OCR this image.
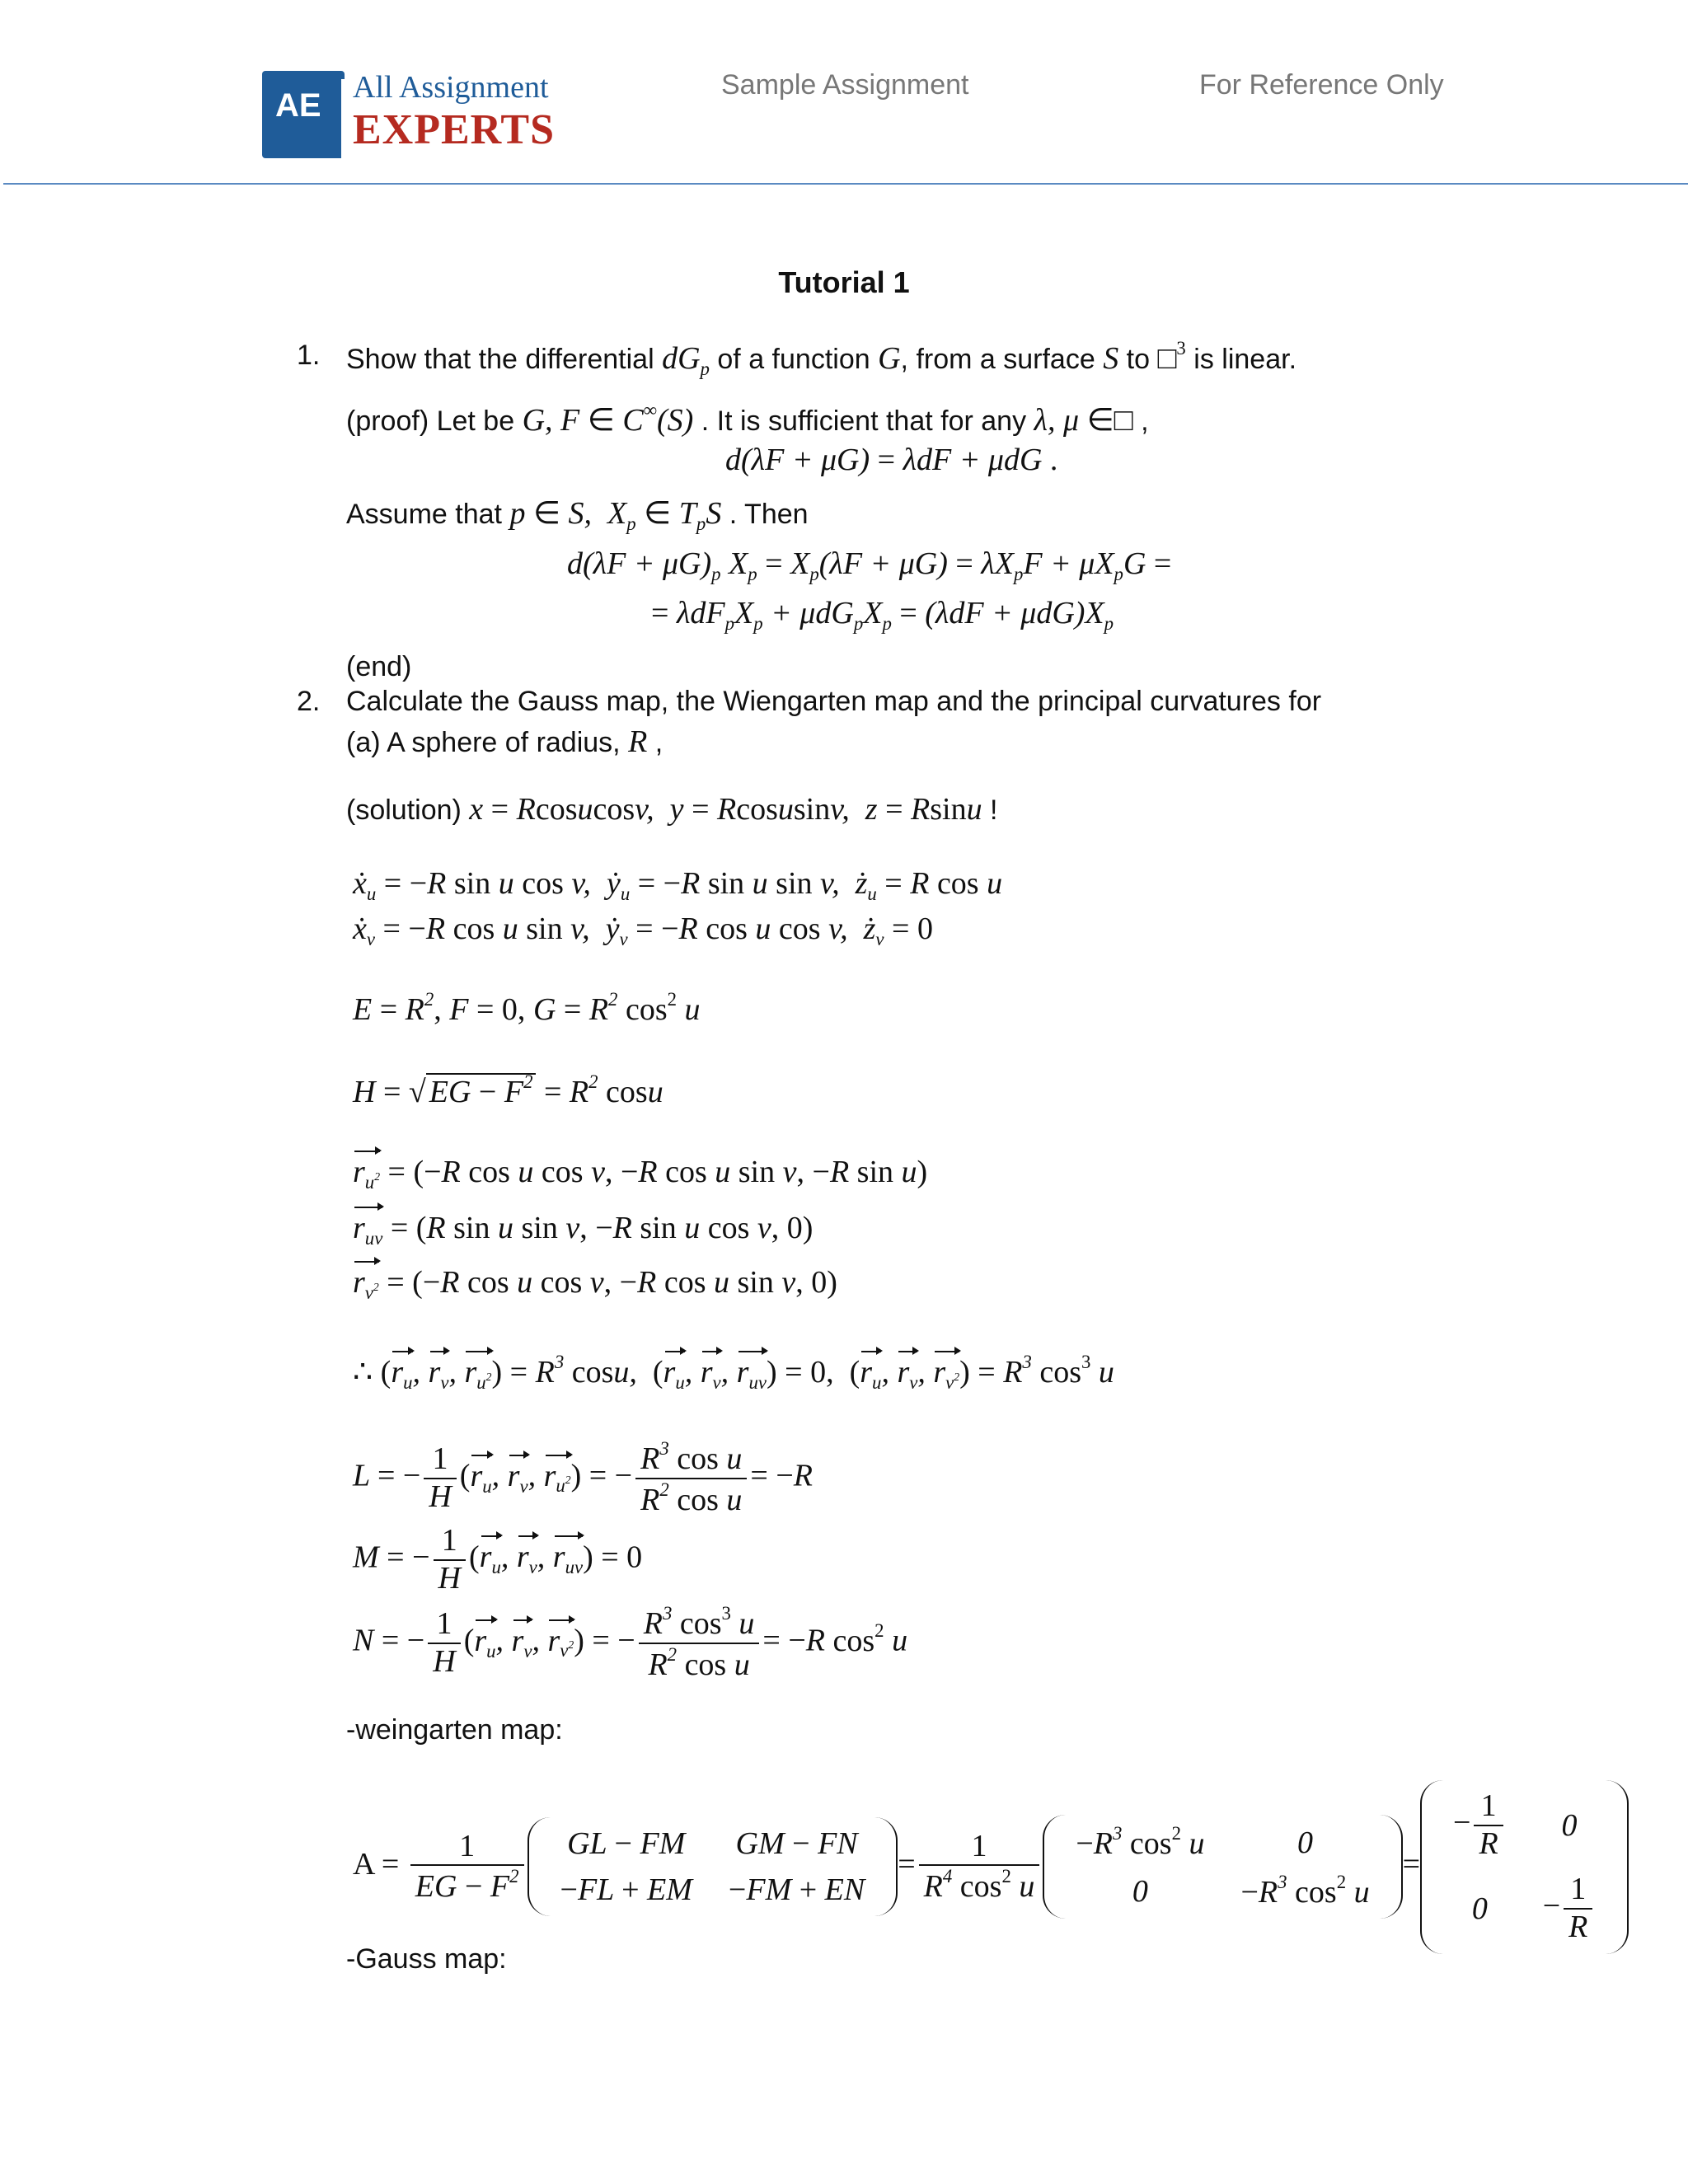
AE All Assignment
EXPERTS
Sample Assignment	For Reference Only
Tutorial 1
1. Show that the differential $dG_p$ of a function G, from a surface S to □$^3$ is linear.
(proof) Let be G, F ∈ C∞(S) . It is sufficient that for any λ, μ ∈□ ,
d(λF + μG) = λdF + μdG .
Assume that p ∈ S,  $X_p$ ∈ $T_pS$ . Then
$d(\lambda F + \mu G)_p$ $X_p = X_p(\lambda F + \mu G) = \lambda X_pF + \mu X_pG$ =
= $\lambda dF_pX_p + \mu dG_pX_p = (\lambda dF + \mu dG)X_p$
(end)
2. Calculate the Gauss map, the Wiengarten map and the principal curvatures for
(a) A sphere of radius, R ,
(solution) x = Rcosucosv,  y = Rcosusinv,  z = Rsinu !
$ẋ_u = -R$ sin u cos v,  $ẏ_u = -R$ sin u sin v,  $ż_u = R$ cos u
$ẋ_v = -R$ cos u sin v,  $ẏ_v = -R$ cos u cos v,  $ż_v = 0$
$E = R^2$, F = 0, $G = R^2$ $\cos^2 u$
H = √ EG − $F^2 = R^2$ cosu
$r_{u^2} = (-R$ cos u cos v, −R cos u sin v, −R sin u)
$r_{uv} = (R$ sin u sin v, −R sin u cos v, 0)
$r_{v^2} = (-R$ cos u cos v, −R cos u sin v, 0)
∴ ($r_u$, $r_v$, $r_{u^2}) = R^3$ cosu,  ($r_u$, $r_v$, $r_{uv}) = 0$,  ($r_u$, $r_v$, $r_{v^2}) = R^3$ $\cos^3 u$
L = − $\frac{1}{H} (r_u$, $r_v$, $r_{u^2}$) = − $\frac{R^3 \cos u}{R^2 \cos u} = -R$
M = − $\frac{1}{H} (r_u$, $r_v$, $r_{uv}) = 0$
N = − $\frac{1}{H} (r_u$, $r_v$, $r_{v^2}$) = − $\frac{R^3 \cos^3 u}{R^2 \cos u} = -R$ $\cos^2 u$
-weingarten map:
$A = \frac{1}{EG - F^2}$ GL − FM	GM − FN
−FL + EM	−FM + EN
= $\frac{1}{R^4 \cos^2 u} -R^3$ $\cos^2 u$	0
0	$-R^3$ $\cos^2 u$
=
− $\frac{1}{R}$	0
0	− $\frac{1}{R}$
-Gauss map:
